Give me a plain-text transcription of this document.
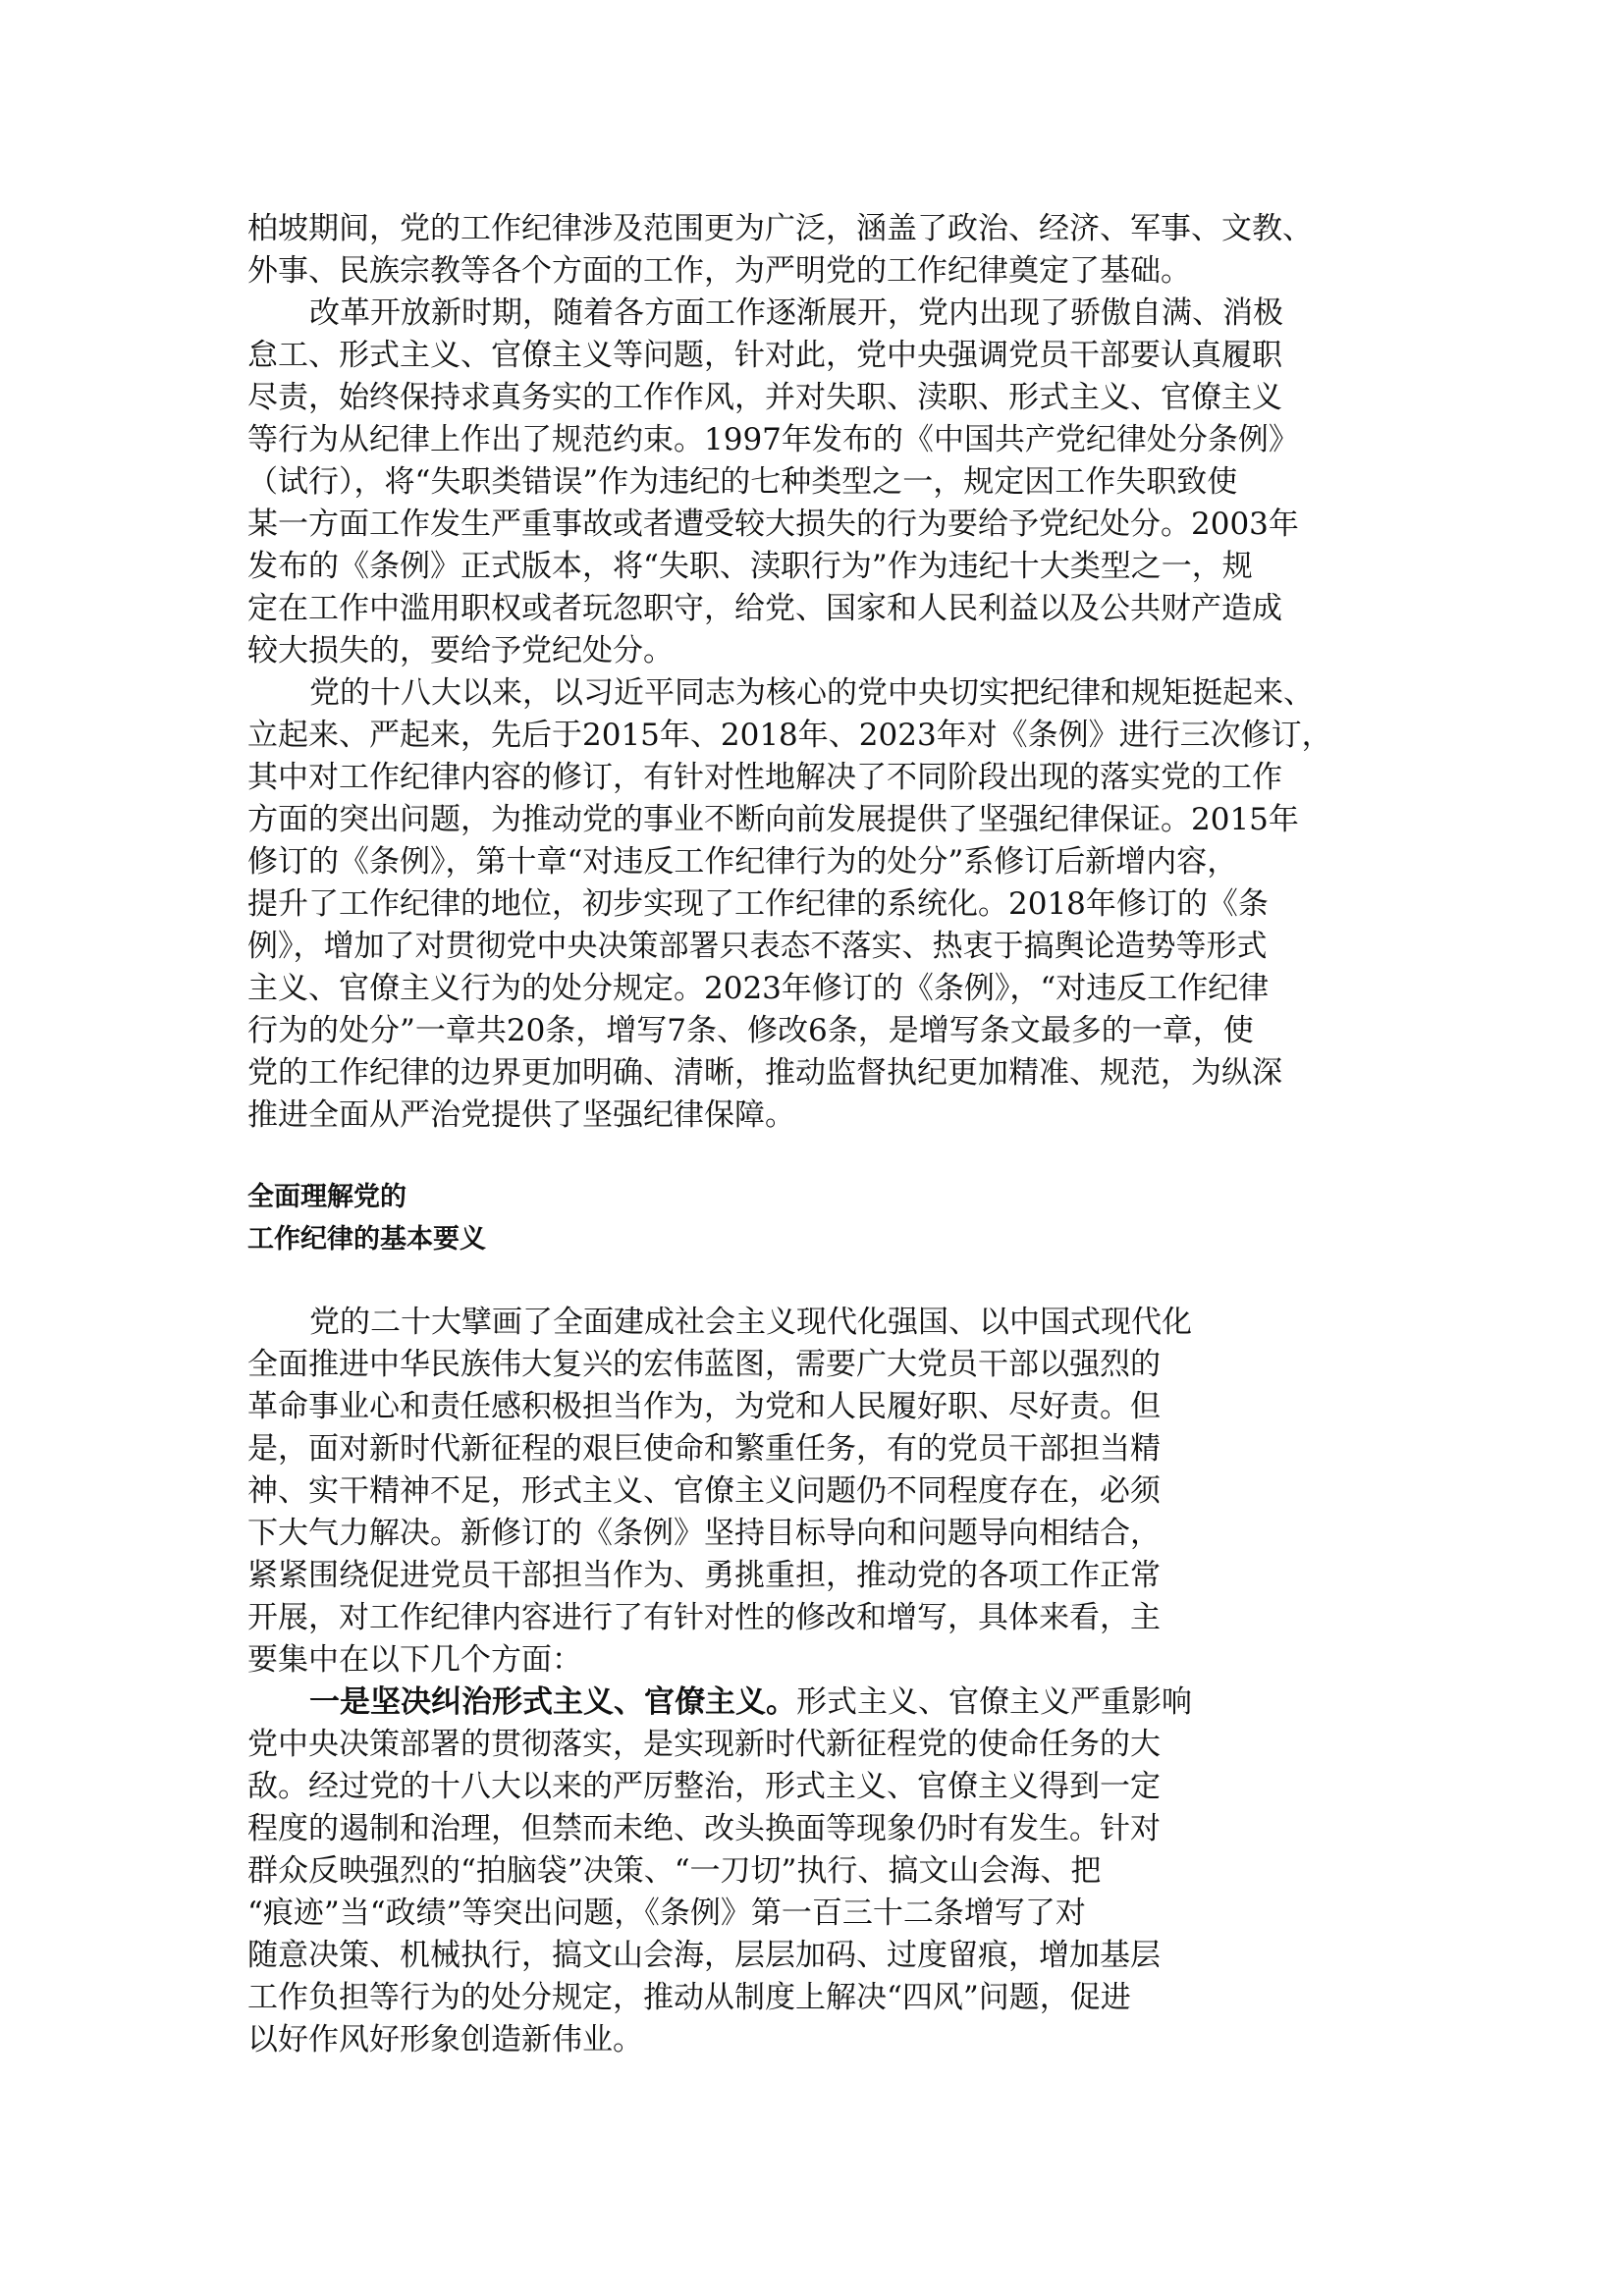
柏坡期间，党的工作纪律涉及范围更为广泛，涵盖了政治、经济、军事、文教、
外事、民族宗教等各个方面的工作，为严明党的工作纪律奠定了基础。
改革开放新时期，随着各方面工作逐渐展开，党内出现了骄傲自满、消极
怠工、形式主义、官僚主义等问题，针对此，党中央强调党员干部要认真履职
尽责，始终保持求真务实的工作作风，并对失职、渎职、形式主义、官僚主义
等行为从纪律上作出了规范约束。1997年发布的《中国共产党纪律处分条例》
（试行），将“失职类错误”作为违纪的七种类型之一，规定因工作失职致使
某一方面工作发生严重事故或者遭受较大损失的行为要给予党纪处分。2003年
发布的《条例》正式版本，将“失职、渎职行为”作为违纪十大类型之一，规
定在工作中滥用职权或者玩忽职守，给党、国家和人民利益以及公共财产造成
较大损失的，要给予党纪处分。
党的十八大以来，以习近平同志为核心的党中央切实把纪律和规矩挺起来、
立起来、严起来，先后于2015年、2018年、2023年对《条例》进行三次修订，
其中对工作纪律内容的修订，有针对性地解决了不同阶段出现的落实党的工作
方面的突出问题，为推动党的事业不断向前发展提供了坚强纪律保证。2015年
修订的《条例》，第十章“对违反工作纪律行为的处分”系修订后新增内容，
提升了工作纪律的地位，初步实现了工作纪律的系统化。2018年修订的《条
例》，增加了对贯彻党中央决策部署只表态不落实、热衷于搞舆论造势等形式
主义、官僚主义行为的处分规定。2023年修订的《条例》，“对违反工作纪律
行为的处分”一章共20条，增写7条、修改6条，是增写条文最多的一章，使
党的工作纪律的边界更加明确、清晰，推动监督执纪更加精准、规范，为纵深
推进全面从严治党提供了坚强纪律保障。
全面理解党的
工作纪律的基本要义
党的二十大擘画了全面建成社会主义现代化强国、以中国式现代化
全面推进中华民族伟大复兴的宏伟蓝图，需要广大党员干部以强烈的
革命事业心和责任感积极担当作为，为党和人民履好职、尽好责。但
是，面对新时代新征程的艰巨使命和繁重任务，有的党员干部担当精
神、实干精神不足，形式主义、官僚主义问题仍不同程度存在，必须
下大气力解决。新修订的《条例》坚持目标导向和问题导向相结合，
紧紧围绕促进党员干部担当作为、勇挑重担，推动党的各项工作正常
开展，对工作纪律内容进行了有针对性的修改和增写，具体来看，主
要集中在以下几个方面：
一是坚决纠治形式主义、官僚主义。形式主义、官僚主义严重影响
党中央决策部署的贯彻落实，是实现新时代新征程党的使命任务的大
敌。经过党的十八大以来的严厉整治，形式主义、官僚主义得到一定
程度的遏制和治理，但禁而未绝、改头换面等现象仍时有发生。针对
群众反映强烈的“拍脑袋”决策、“一刀切”执行、搞文山会海、把
“痕迹”当“政绩”等突出问题，《条例》第一百三十二条增写了对
随意决策、机械执行，搞文山会海，层层加码、过度留痕，增加基层
工作负担等行为的处分规定，推动从制度上解决“四风”问题，促进
以好作风好形象创造新伟业。
